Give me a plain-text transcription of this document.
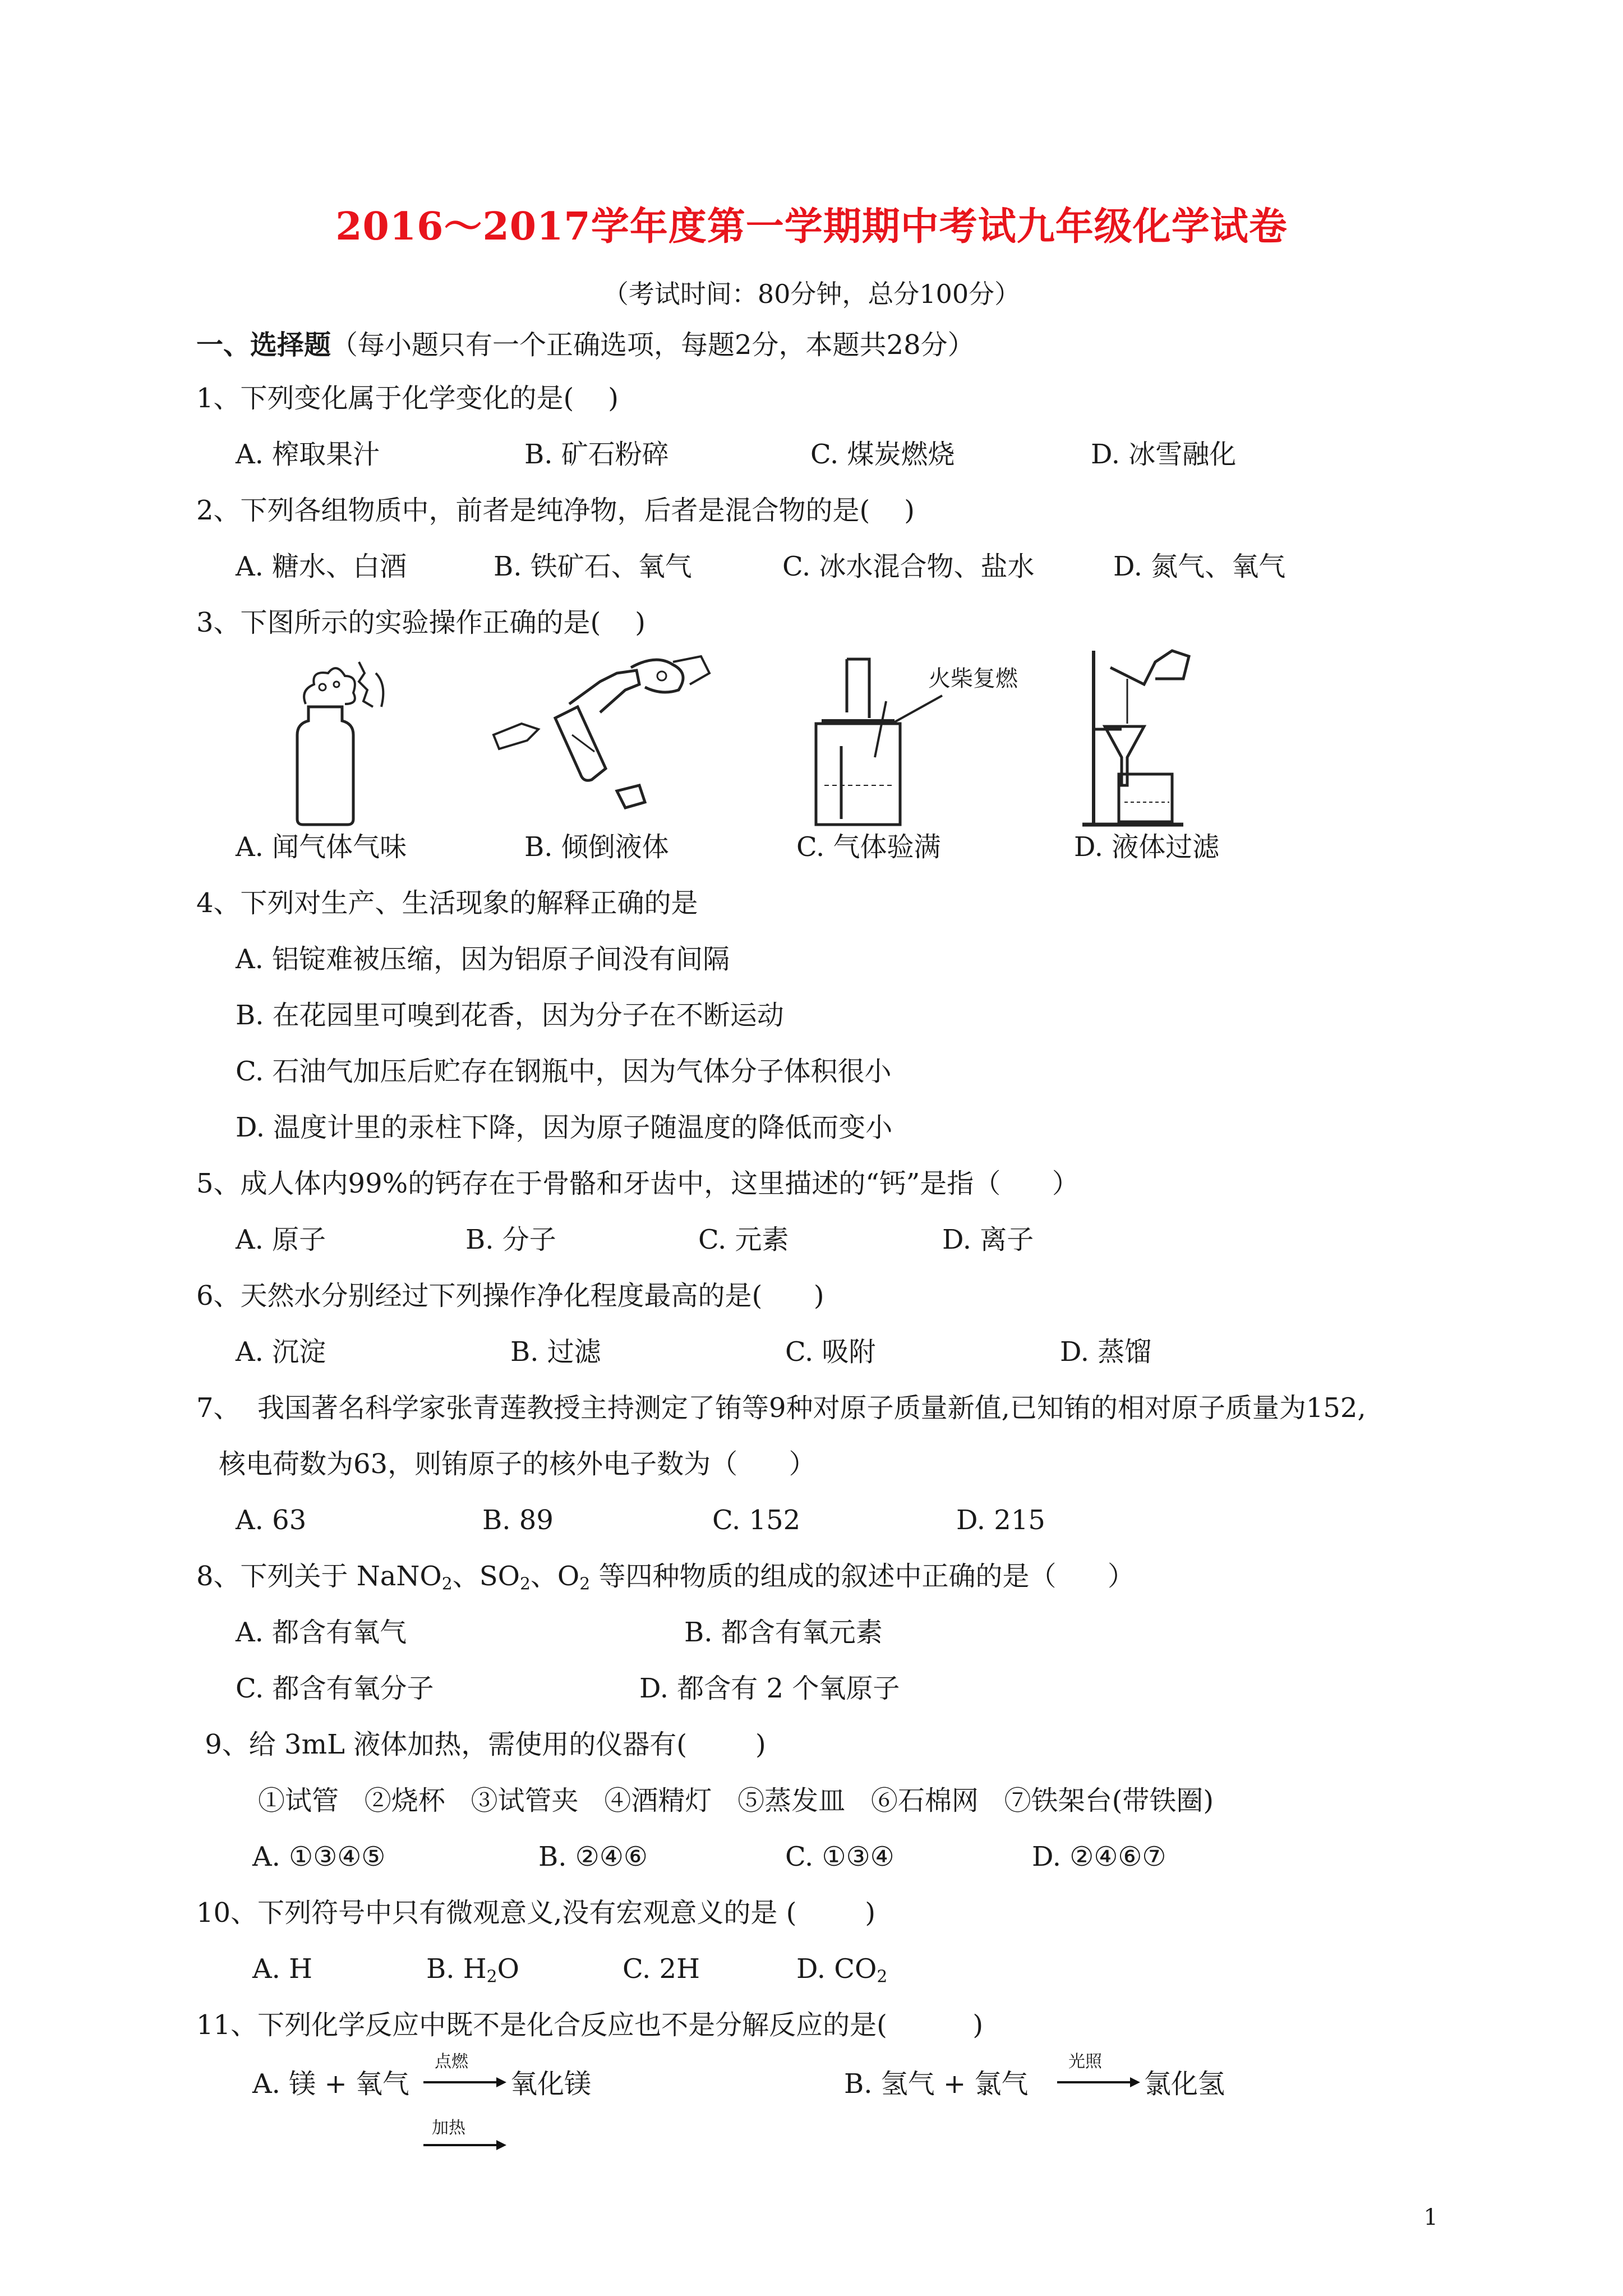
2016～2017学年度第一学期期中考试九年级化学试卷
（考试时间：80分钟，总分100分）
一、选择题（每小题只有一个正确选项，每题2分，本题共28分）
1、下列变化属于化学变化的是(    )
A. 榨取果汁	B. 矿石粉碎	C. 煤炭燃烧	D. 冰雪融化
2、下列各组物质中，前者是纯净物，后者是混合物的是(    )
A. 糖水、白酒	B. 铁矿石、氧气	C. 冰水混合物、盐水	D. 氮气、氧气
3、下图所示的实验操作正确的是(    )
火柴复燃
A. 闻气体气味	B. 倾倒液体	C. 气体验满	D. 液体过滤
4、下列对生产、生活现象的解释正确的是
A. 铝锭难被压缩，因为铝原子间没有间隔
B. 在花园里可嗅到花香，因为分子在不断运动
C. 石油气加压后贮存在钢瓶中，因为气体分子体积很小
D. 温度计里的汞柱下降，因为原子随温度的降低而变小
5、成人体内99%的钙存在于骨骼和牙齿中，这里描述的“钙”是指（      ）
A. 原子	B. 分子	C. 元素	D. 离子
6、天然水分别经过下列操作净化程度最高的是(      )
A. 沉淀	B. 过滤	C. 吸附	D. 蒸馏
7、  我国著名科学家张青莲教授主持测定了铕等9种对原子质量新值,已知铕的相对原子质量为152,
核电荷数为63，则铕原子的核外电子数为（      ）
A. 63	B. 89	C. 152	D. 215
8、下列关于 NaNO$_2$、$SO_2$、$O_2$ 等四种物质的组成的叙述中正确的是（      ）
A. 都含有氧气	B. 都含有氧元素
C. 都含有氧分子	D. 都含有 2 个氧原子
9、给 3mL 液体加热，需使用的仪器有(        )
①试管   ②烧杯   ③试管夹   ④酒精灯   ⑤蒸发皿   ⑥石棉网   ⑦铁架台(带铁圈)
A. ①③④⑤	B. ②④⑥	C. ①③④	D. ②④⑥⑦
10、下列符号中只有微观意义,没有宏观意义的是 (        )
A. H	B. $H_2O$	C. 2H	D. $CO_2$
11、下列化学反应中既不是化合反应也不是分解反应的是(          )
A. 镁 + 氧气
点燃
氧化镁	B. 氢气 + 氯气
光照
氯化氢
加热
1
